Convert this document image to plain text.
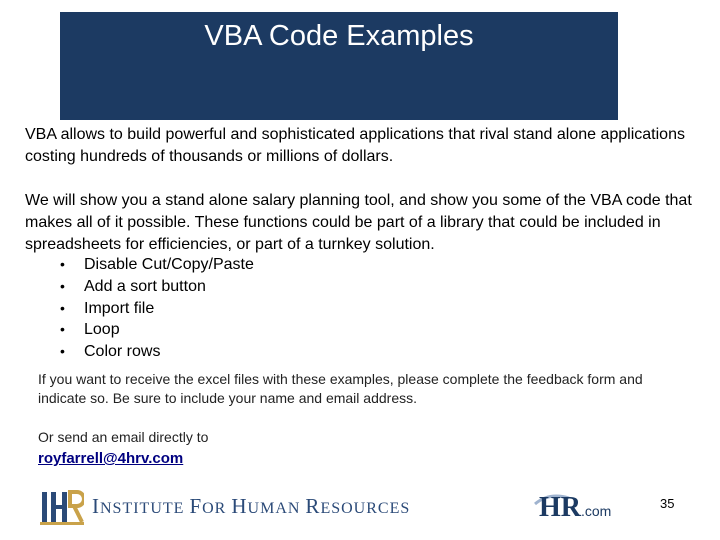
VBA Code Examples
VBA allows to build powerful and sophisticated applications that rival stand alone applications costing hundreds of thousands or millions of dollars.
We will show you a stand alone salary planning tool, and show you some of the VBA code that makes all of it possible. These functions could be part of a library that could be included in spreadsheets for efficiencies, or part of a turnkey solution.
•	Disable Cut/Copy/Paste
•	Add a sort button
•	Import file
•	Loop
•	Color rows
If you want to receive the excel files with these examples, please complete the feedback form and indicate so. Be sure to include your name and email address.
Or send an email directly to
royfarrell@4hrv.com
INSTITUTE FOR HUMAN RESOURCES	HR.com	35
